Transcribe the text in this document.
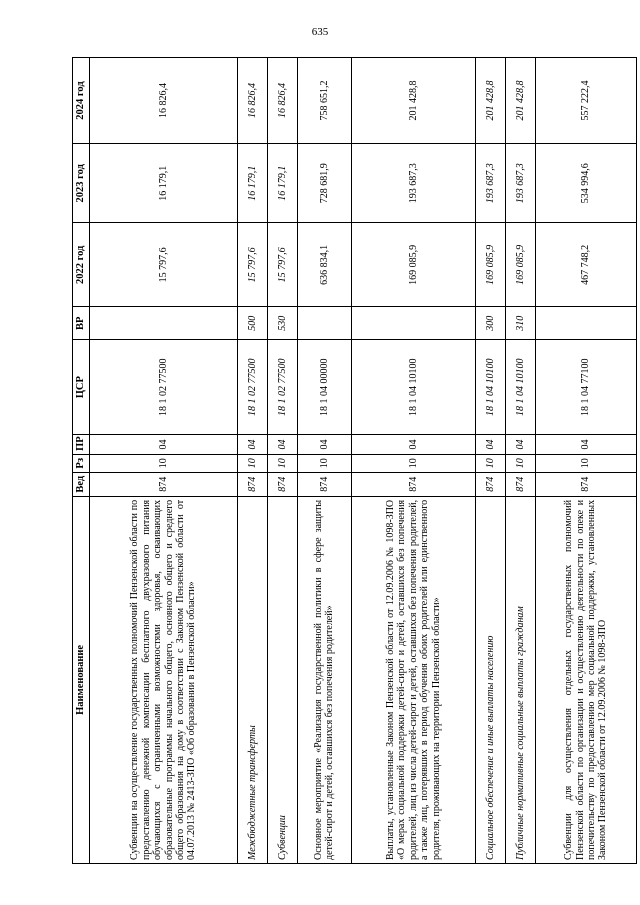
635
Наименование	Вед	Рз	ПР	ЦСР	ВР	2022 год	2023 год	2024 год
Субвенции на осуществление государственных полномочий Пензенской области по предоставлению денежной компенсации бесплатного двухразового питания обучающихся с ограниченными возможностями здоровья, осваивающих образовательные программы начального общего, основного общего и среднего общего образования на дому в соответствии с Законом Пензенской области от 04.07.2013 № 2413-ЗПО «Об образовании в Пензенской области»	874	10	04	18 1 02 77500		15 797,6	16 179,1	16 826,4
Межбюджетные трансферты	874	10	04	18 1 02 77500	500	15 797,6	16 179,1	16 826,4
Субвенции	874	10	04	18 1 02 77500	530	15 797,6	16 179,1	16 826,4
Основное мероприятие «Реализация государственной политики в сфере защиты детей-сирот и детей, оставшихся без попечения родителей»	874	10	04	18 1 04 00000		636 834,1	728 681,9	758 651,2
Выплаты, установленные Законом Пензенской области от 12.09.2006 № 1098-ЗПО «О мерах социальной поддержки детей-сирот и детей, оставшихся без попечения родителей, лиц из числа детей-сирот и детей, оставшихся без попечения родителей, а также лиц, потерявших в период обучения обоих родителей или единственного родителя, проживающих на территории Пензенской области»	874	10	04	18 1 04 10100		169 085,9	193 687,3	201 428,8
Социальное обеспечение и иные выплаты населению	874	10	04	18 1 04 10100	300	169 085,9	193 687,3	201 428,8
Публичные нормативные социальные выплаты гражданам	874	10	04	18 1 04 10100	310	169 085,9	193 687,3	201 428,8
Субвенции для осуществления отдельных государственных полномочий Пензенской области по организации и осуществлению деятельности по опеке и попечительству по предоставлению мер социальной поддержки, установленных Законом Пензенской области от 12.09.2006 № 1098-ЗПО	874	10	04	18 1 04 77100		467 748,2	534 994,6	557 222,4
